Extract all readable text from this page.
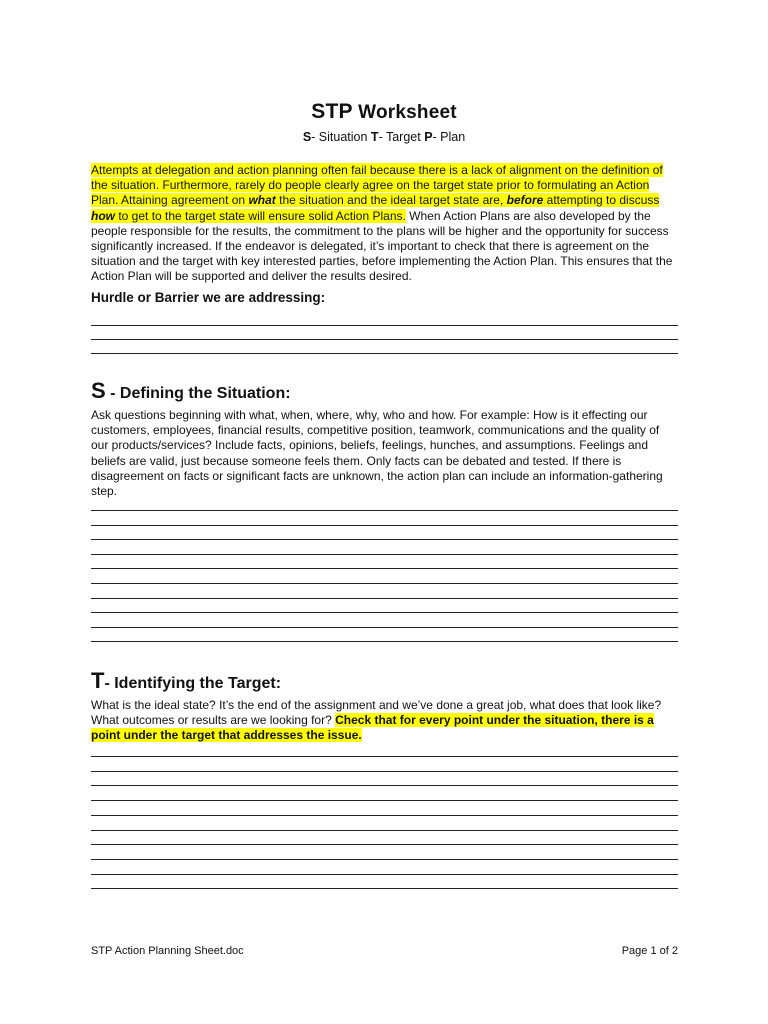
STP Worksheet
S- Situation T- Target P- Plan

Attempts at delegation and action planning often fail because there is a lack of alignment on the definition of the situation. Furthermore, rarely do people clearly agree on the target state prior to formulating an Action Plan. Attaining agreement on what the situation and the ideal target state are, before attempting to discuss how to get to the target state will ensure solid Action Plans. When Action Plans are also developed by the people responsible for the results, the commitment to the plans will be higher and the opportunity for success significantly increased. If the endeavor is delegated, it’s important to check that there is agreement on the situation and the target with key interested parties, before implementing the Action Plan. This ensures that the Action Plan will be supported and deliver the results desired.

Hurdle or Barrier we are addressing:
S - Defining the Situation:

Ask questions beginning with what, when, where, why, who and how. For example: How is it effecting our customers, employees, financial results, competitive position, teamwork, communications and the quality of our products/services? Include facts, opinions, beliefs, feelings, hunches, and assumptions. Feelings and beliefs are valid, just because someone feels them. Only facts can be debated and tested. If there is disagreement on facts or significant facts are unknown, the action plan can include an information-gathering step.

T- Identifying the Target:

What is the ideal state? It’s the end of the assignment and we’ve done a great job, what does that look like? What outcomes or results are we looking for? Check that for every point under the situation, there is a point under the target that addresses the issue.

STP Action Planning Sheet.doc	Page 1 of 2
